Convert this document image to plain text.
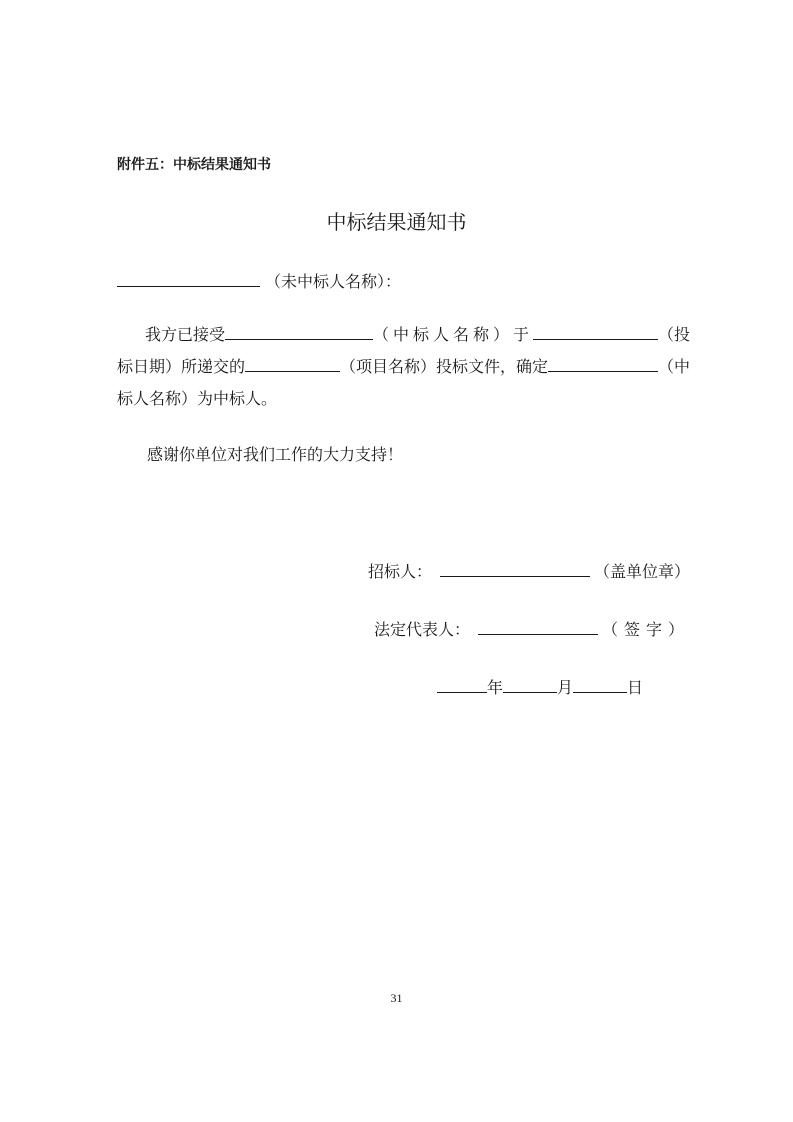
附件五：中标结果通知书
中标结果通知书
（未中标人名称）：
我方已接受	（中标人名称）于	（投
标日期）所递交的	（项目名称）投标文件，确定	（中
标人名称）为中标人。
感谢你单位对我们工作的大力支持！
招标人：	（盖单位章）
法定代表人：	（签字）
年	月	日
31
